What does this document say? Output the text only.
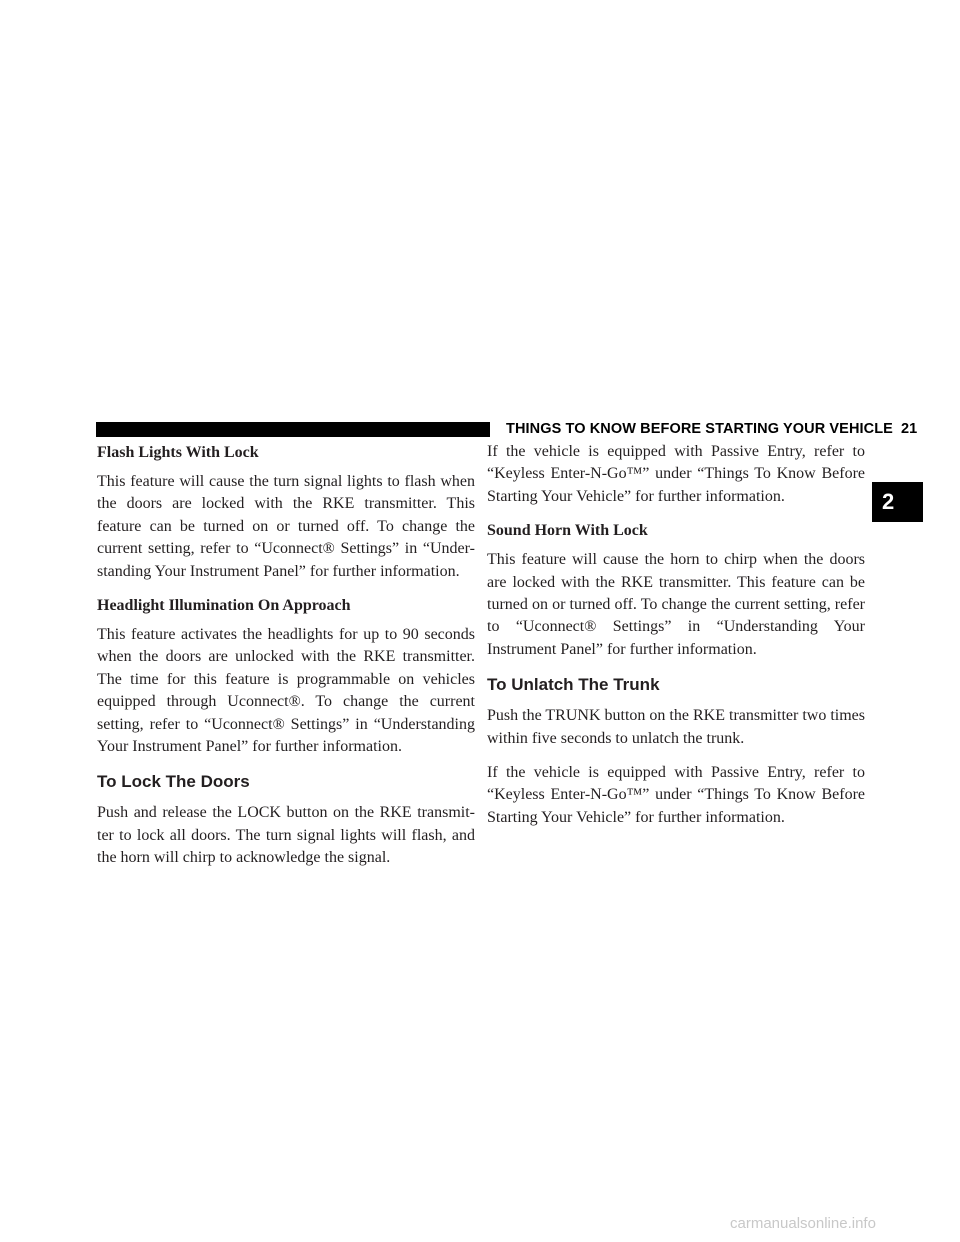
THINGS TO KNOW BEFORE STARTING YOUR VEHICLE 21
2
Flash Lights With Lock

This feature will cause the turn signal lights to flash when the doors are locked with the RKE transmitter. This feature can be turned on or turned off. To change the current setting, refer to “Uconnect® Settings” in “Under-standing Your Instrument Panel” for further information.

Headlight Illumination On Approach

This feature activates the headlights for up to 90 seconds when the doors are unlocked with the RKE transmitter. The time for this feature is programmable on vehicles equipped through Uconnect®. To change the current setting, refer to “Uconnect® Settings” in “Understanding Your Instrument Panel” for further information.

To Lock The Doors

Push and release the LOCK button on the RKE transmit-ter to lock all doors. The turn signal lights will flash, and the horn will chirp to acknowledge the signal.

If the vehicle is equipped with Passive Entry, refer to “Keyless Enter-N-Go™” under “Things To Know Before Starting Your Vehicle” for further information.

Sound Horn With Lock

This feature will cause the horn to chirp when the doors are locked with the RKE transmitter. This feature can be turned on or turned off. To change the current setting, refer to “Uconnect® Settings” in “Understanding Your Instrument Panel” for further information.

To Unlatch The Trunk

Push the TRUNK button on the RKE transmitter two times within five seconds to unlatch the trunk.

If the vehicle is equipped with Passive Entry, refer to “Keyless Enter-N-Go™” under “Things To Know Before Starting Your Vehicle” for further information.

carmanualsonline.info
